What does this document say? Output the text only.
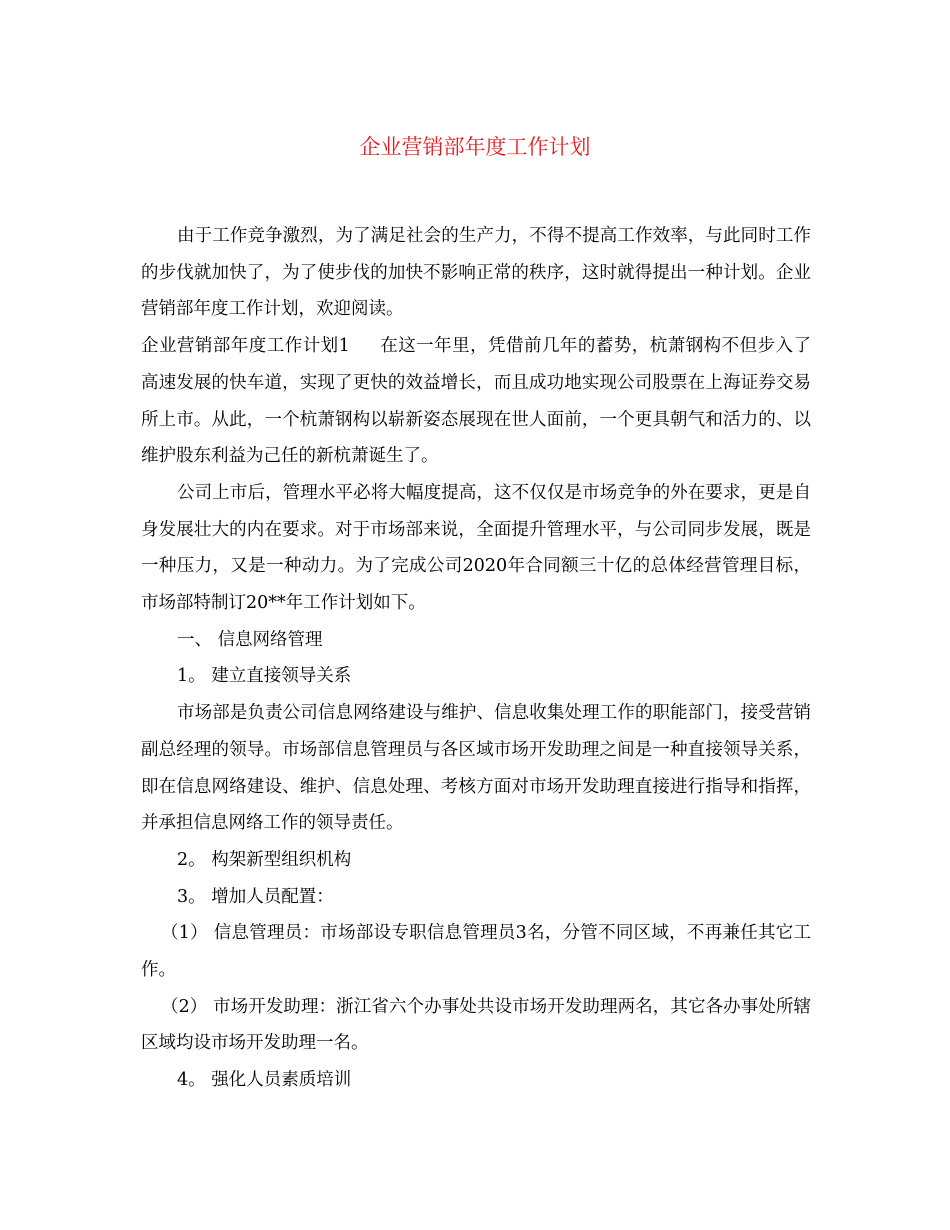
企业营销部年度工作计划

由于工作竞争激烈，为了满足社会的生产力，不得不提高工作效率，与此同时工作的步伐就加快了，为了使步伐的加快不影响正常的秩序，这时就得提出一种计划。企业营销部年度工作计划，欢迎阅读。

企业营销部年度工作计划1 在这一年里，凭借前几年的蓄势，杭萧钢构不但步入了高速发展的快车道，实现了更快的效益增长，而且成功地实现公司股票在上海证券交易所上市。从此，一个杭萧钢构以崭新姿态展现在世人面前，一个更具朝气和活力的、以维护股东利益为己任的新杭萧诞生了。

公司上市后，管理水平必将大幅度提高，这不仅仅是市场竞争的外在要求，更是自身发展壮大的内在要求。对于市场部来说，全面提升管理水平，与公司同步发展，既是一种压力，又是一种动力。为了完成公司2020年合同额三十亿的总体经营管理目标，市场部特制订20**年工作计划如下。

一、 信息网络管理

1。 建立直接领导关系

市场部是负责公司信息网络建设与维护、信息收集处理工作的职能部门，接受营销副总经理的领导。市场部信息管理员与各区域市场开发助理之间是一种直接领导关系，即在信息网络建设、维护、信息处理、考核方面对市场开发助理直接进行指导和指挥，并承担信息网络工作的领导责任。

2。 构架新型组织机构

3。 增加人员配置：

（1） 信息管理员：市场部设专职信息管理员3名，分管不同区域，不再兼任其它工作。

（2） 市场开发助理：浙江省六个办事处共设市场开发助理两名，其它各办事处所辖区域均设市场开发助理一名。

4。 强化人员素质培训
